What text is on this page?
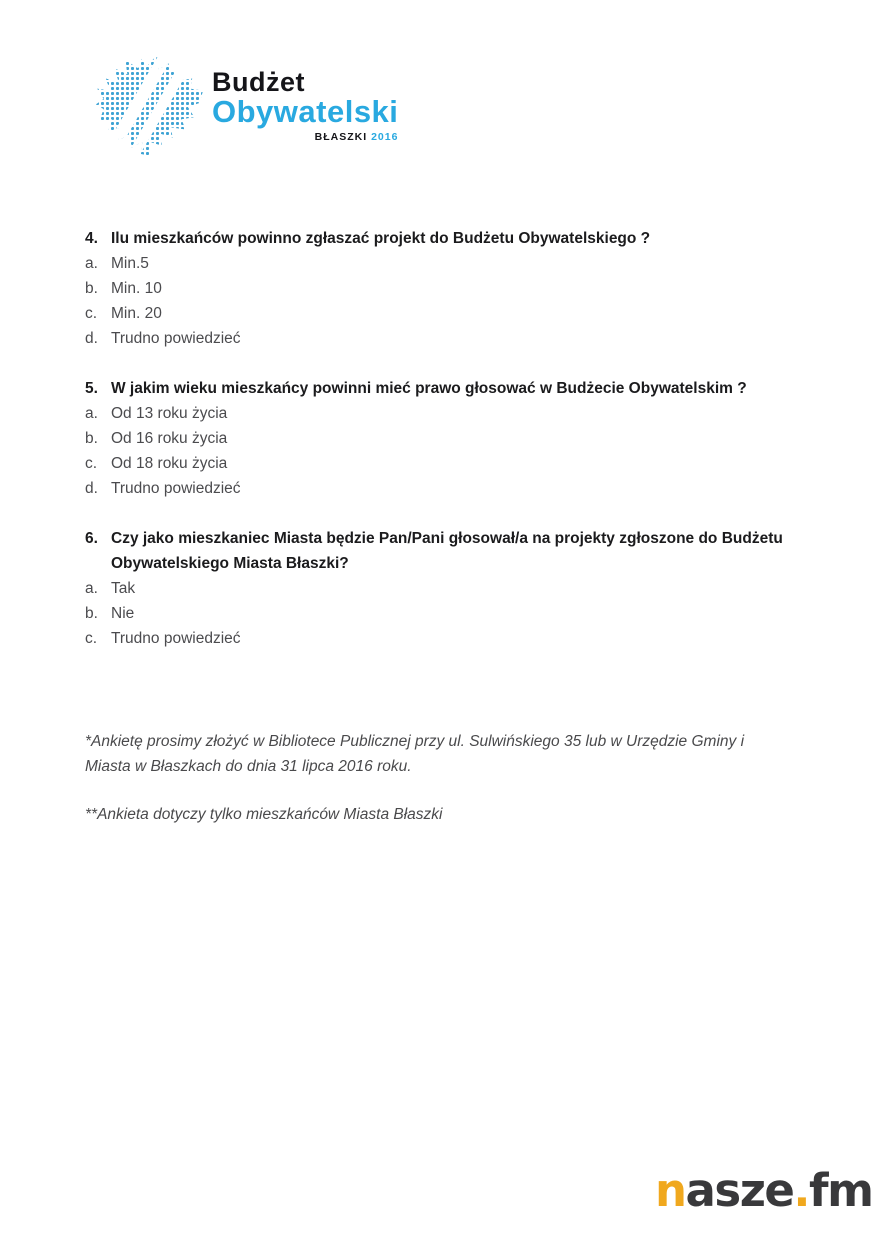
Budżet
Obywatelski
BŁASZKI 2016
4. Ilu mieszkańców powinno zgłaszać projekt do Budżetu Obywatelskiego ?
a. Min.5
b. Min. 10
c. Min. 20
d. Trudno powiedzieć
5. W jakim wieku mieszkańcy powinni mieć prawo głosować w Budżecie Obywatelskim ?
a. Od 13 roku życia
b. Od 16 roku życia
c. Od 18 roku życia
d. Trudno powiedzieć
6. Czy jako mieszkaniec Miasta będzie Pan/Pani głosował/a na projekty zgłoszone do Budżetu Obywatelskiego Miasta Błaszki?
a. Tak
b. Nie
c. Trudno powiedzieć
*Ankietę prosimy złożyć w Bibliotece Publicznej przy ul. Sulwińskiego 35 lub w Urzędzie Gminy i Miasta w Błaszkach do dnia 31 lipca 2016 roku.
**Ankieta dotyczy tylko mieszkańców Miasta Błaszki
nasze.fm
